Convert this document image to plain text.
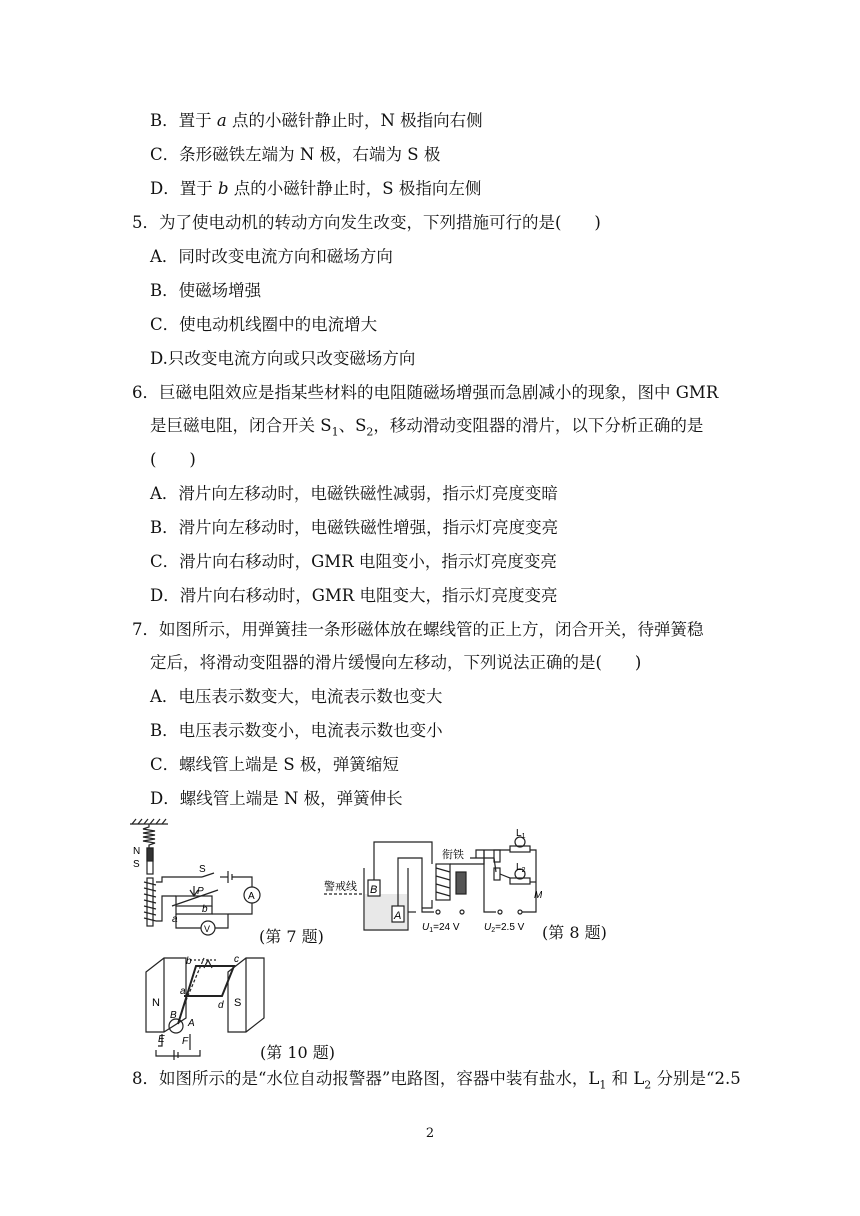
B．置于 a 点的小磁针静止时，N 极指向右侧
C．条形磁铁左端为 N 极，右端为 S 极
D．置于 b 点的小磁针静止时，S 极指向左侧
5．为了使电动机的转动方向发生改变，下列措施可行的是(　　)
A．同时改变电流方向和磁场方向
B．使磁场增强
C．使电动机线圈中的电流增大
D.只改变电流方向或只改变磁场方向
6．巨磁电阻效应是指某些材料的电阻随磁场增强而急剧减小的现象，图中 GMR
是巨磁电阻，闭合开关 $S_1$、$S_2$，移动滑动变阻器的滑片，以下分析正确的是
(　　)
A．滑片向左移动时，电磁铁磁性减弱，指示灯亮度变暗
B．滑片向左移动时，电磁铁磁性增强，指示灯亮度变亮
C．滑片向右移动时，GMR 电阻变小，指示灯亮度变亮
D．滑片向右移动时，GMR 电阻变大，指示灯亮度变亮
7．如图所示，用弹簧挂一条形磁体放在螺线管的正上方，闭合开关，待弹簧稳
定后，将滑动变阻器的滑片缓慢向左移动，下列说法正确的是(　　)
A．电压表示数变大，电流表示数也变大
B．电压表示数变小，电流表示数也变小
C．螺线管上端是 S 极，弹簧缩短
D．螺线管上端是 N 极，弹簧伸长
N
S	S
P
a
b
A
V	(第 7 题)
警戒线 B
A
衔铁
$L_1$
$L_2$
M
$U_1=24$ V $U_2=2.5$ V (第 8 题)
N	S
b
a
c
d
B
A
E F
(第 10 题)
8．如图所示的是“水位自动报警器”电路图，容器中装有盐水，$L_1$ 和 $L_2$ 分别是“2.5
2
